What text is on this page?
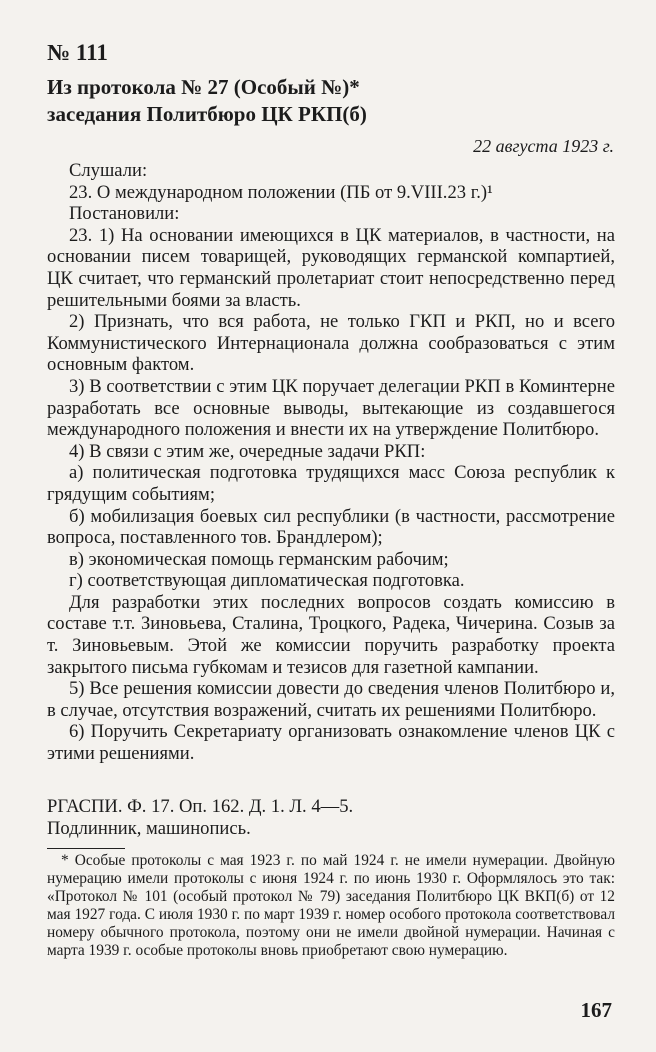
№ 111
Из протокола № 27 (Особый №)*
заседания Политбюро ЦК РКП(б)
22 августа 1923 г.

Слушали:

23. О международном положении (ПБ от 9.VIII.23 г.)¹

Постановили:

23. 1) На основании имеющихся в ЦК материалов, в частности, на основании писем товарищей, руководящих германской компартией, ЦК считает, что германский пролетариат стоит непосредственно перед решительными боями за власть.

2) Признать, что вся работа, не только ГКП и РКП, но и всего Коммунистического Интернационала должна сообразоваться с этим основным фактом.

3) В соответствии с этим ЦК поручает делегации РКП в Коминтерне разработать все основные выводы, вытекающие из создавшегося международного положения и внести их на утверждение Политбюро.

4) В связи с этим же, очередные задачи РКП:

а) политическая подготовка трудящихся масс Союза республик к грядущим событиям;

б) мобилизация боевых сил республики (в частности, рассмотрение вопроса, поставленного тов. Брандлером);

в) экономическая помощь германским рабочим;

г) соответствующая дипломатическая подготовка.

Для разработки этих последних вопросов создать комиссию в составе т.т. Зиновьева, Сталина, Троцкого, Радека, Чичерина. Созыв за т. Зиновьевым. Этой же комиссии поручить разработку проекта закрытого письма губкомам и тезисов для газетной кампании.

5) Все решения комиссии довести до сведения членов Политбюро и, в случае, отсутствия возражений, считать их решениями Политбюро.

6) Поручить Секретариату организовать ознакомление членов ЦК с этими решениями.

РГАСПИ. Ф. 17. Оп. 162. Д. 1. Л. 4—5.

Подлинник, машинопись.

* Особые протоколы с мая 1923 г. по май 1924 г. не имели нумерации. Двойную нумерацию имели протоколы с июня 1924 г. по июнь 1930 г. Оформлялось это так: «Протокол № 101 (особый протокол № 79) заседания Политбюро ЦК ВКП(б) от 12 мая 1927 года. С июля 1930 г. по март 1939 г. номер особого протокола соответствовал номеру обычного протокола, поэтому они не имели двойной нумерации. Начиная с марта 1939 г. особые протоколы вновь приобретают свою нумерацию.
167
